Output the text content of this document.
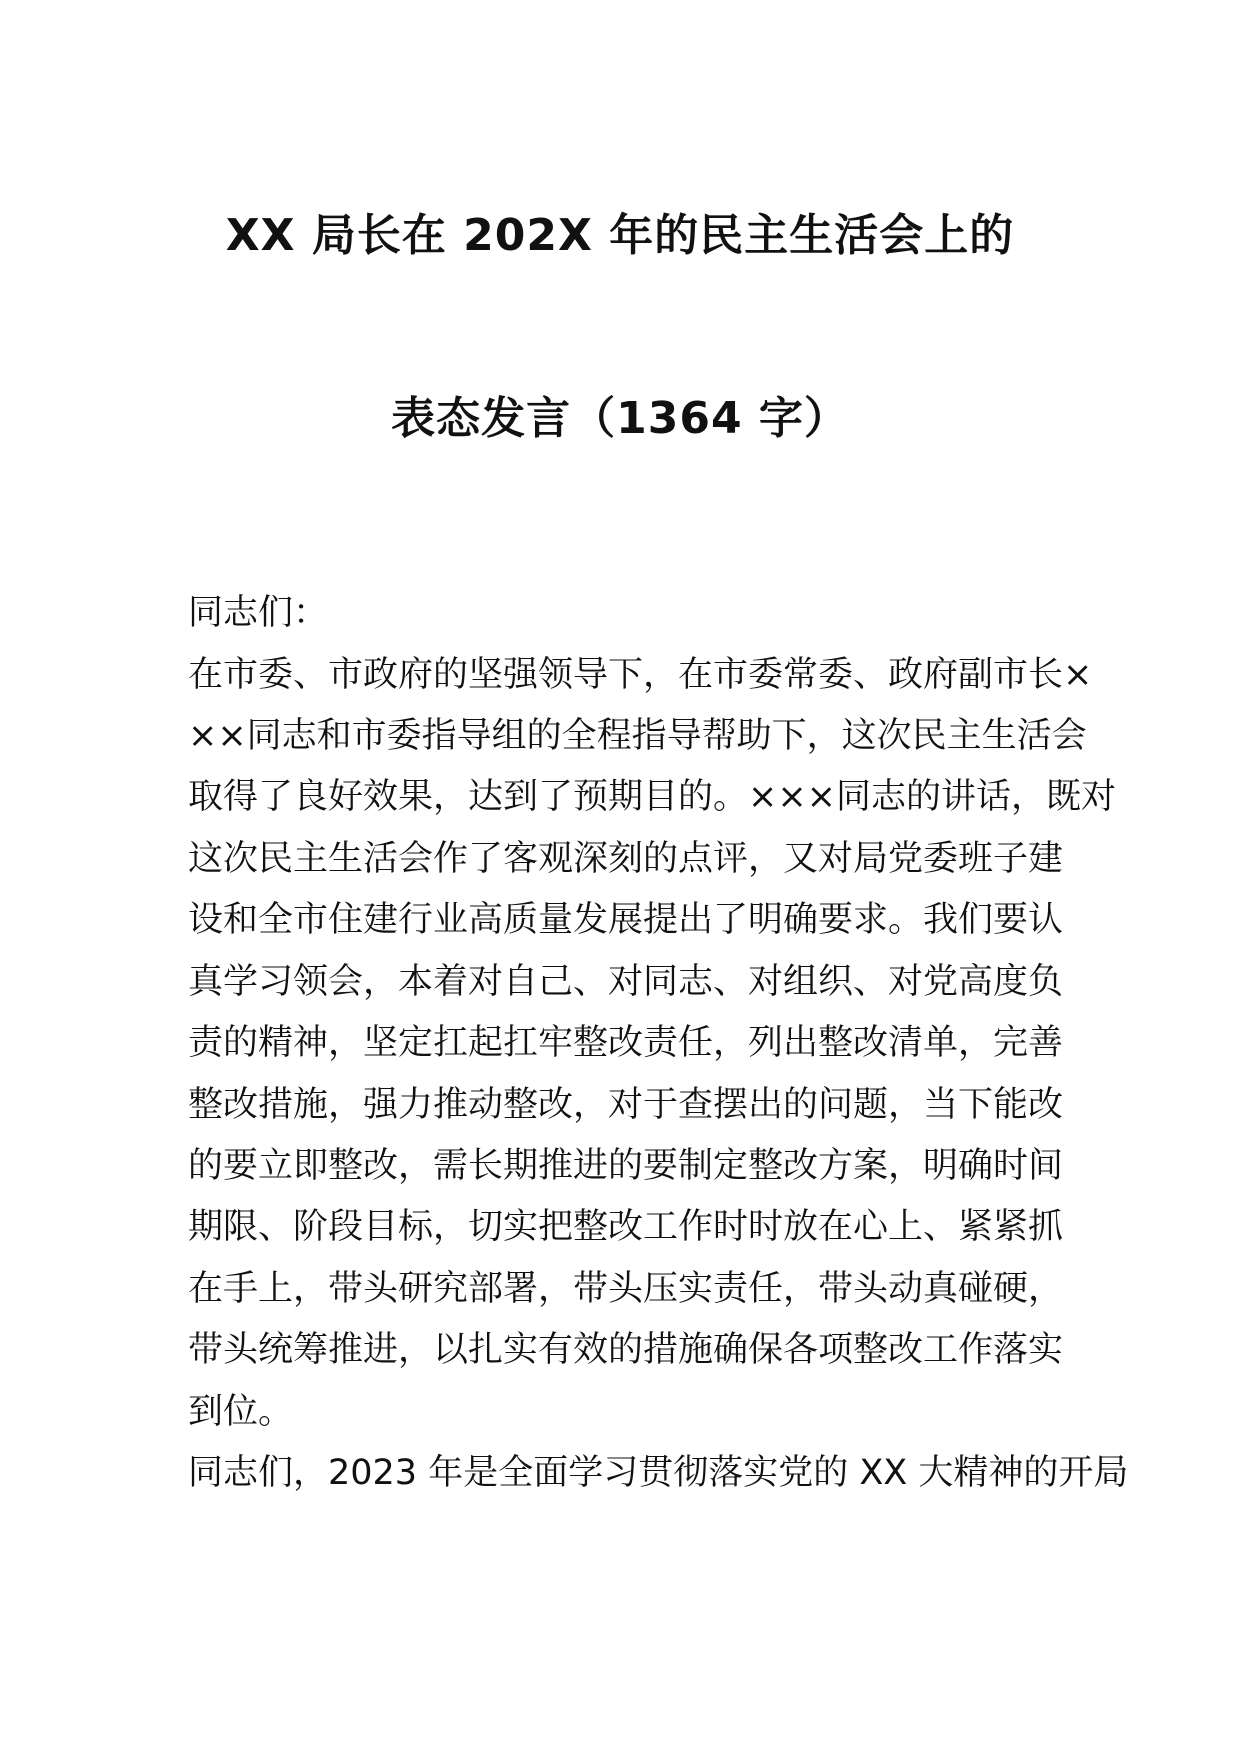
XX 局长在 202X 年的民主生活会上的
表态发言（1364 字）
同志们：
在市委、市政府的坚强领导下，在市委常委、政府副市长×
××同志和市委指导组的全程指导帮助下，这次民主生活会
取得了良好效果，达到了预期目的。×××同志的讲话，既对
这次民主生活会作了客观深刻的点评，又对局党委班子建
设和全市住建行业高质量发展提出了明确要求。我们要认
真学习领会，本着对自己、对同志、对组织、对党高度负
责的精神，坚定扛起扛牢整改责任，列出整改清单，完善
整改措施，强力推动整改，对于查摆出的问题，当下能改
的要立即整改，需长期推进的要制定整改方案，明确时间
期限、阶段目标，切实把整改工作时时放在心上、紧紧抓
在手上，带头研究部署，带头压实责任，带头动真碰硬，
带头统筹推进，以扎实有效的措施确保各项整改工作落实
到位。
同志们，2023 年是全面学习贯彻落实党的 XX 大精神的开局
